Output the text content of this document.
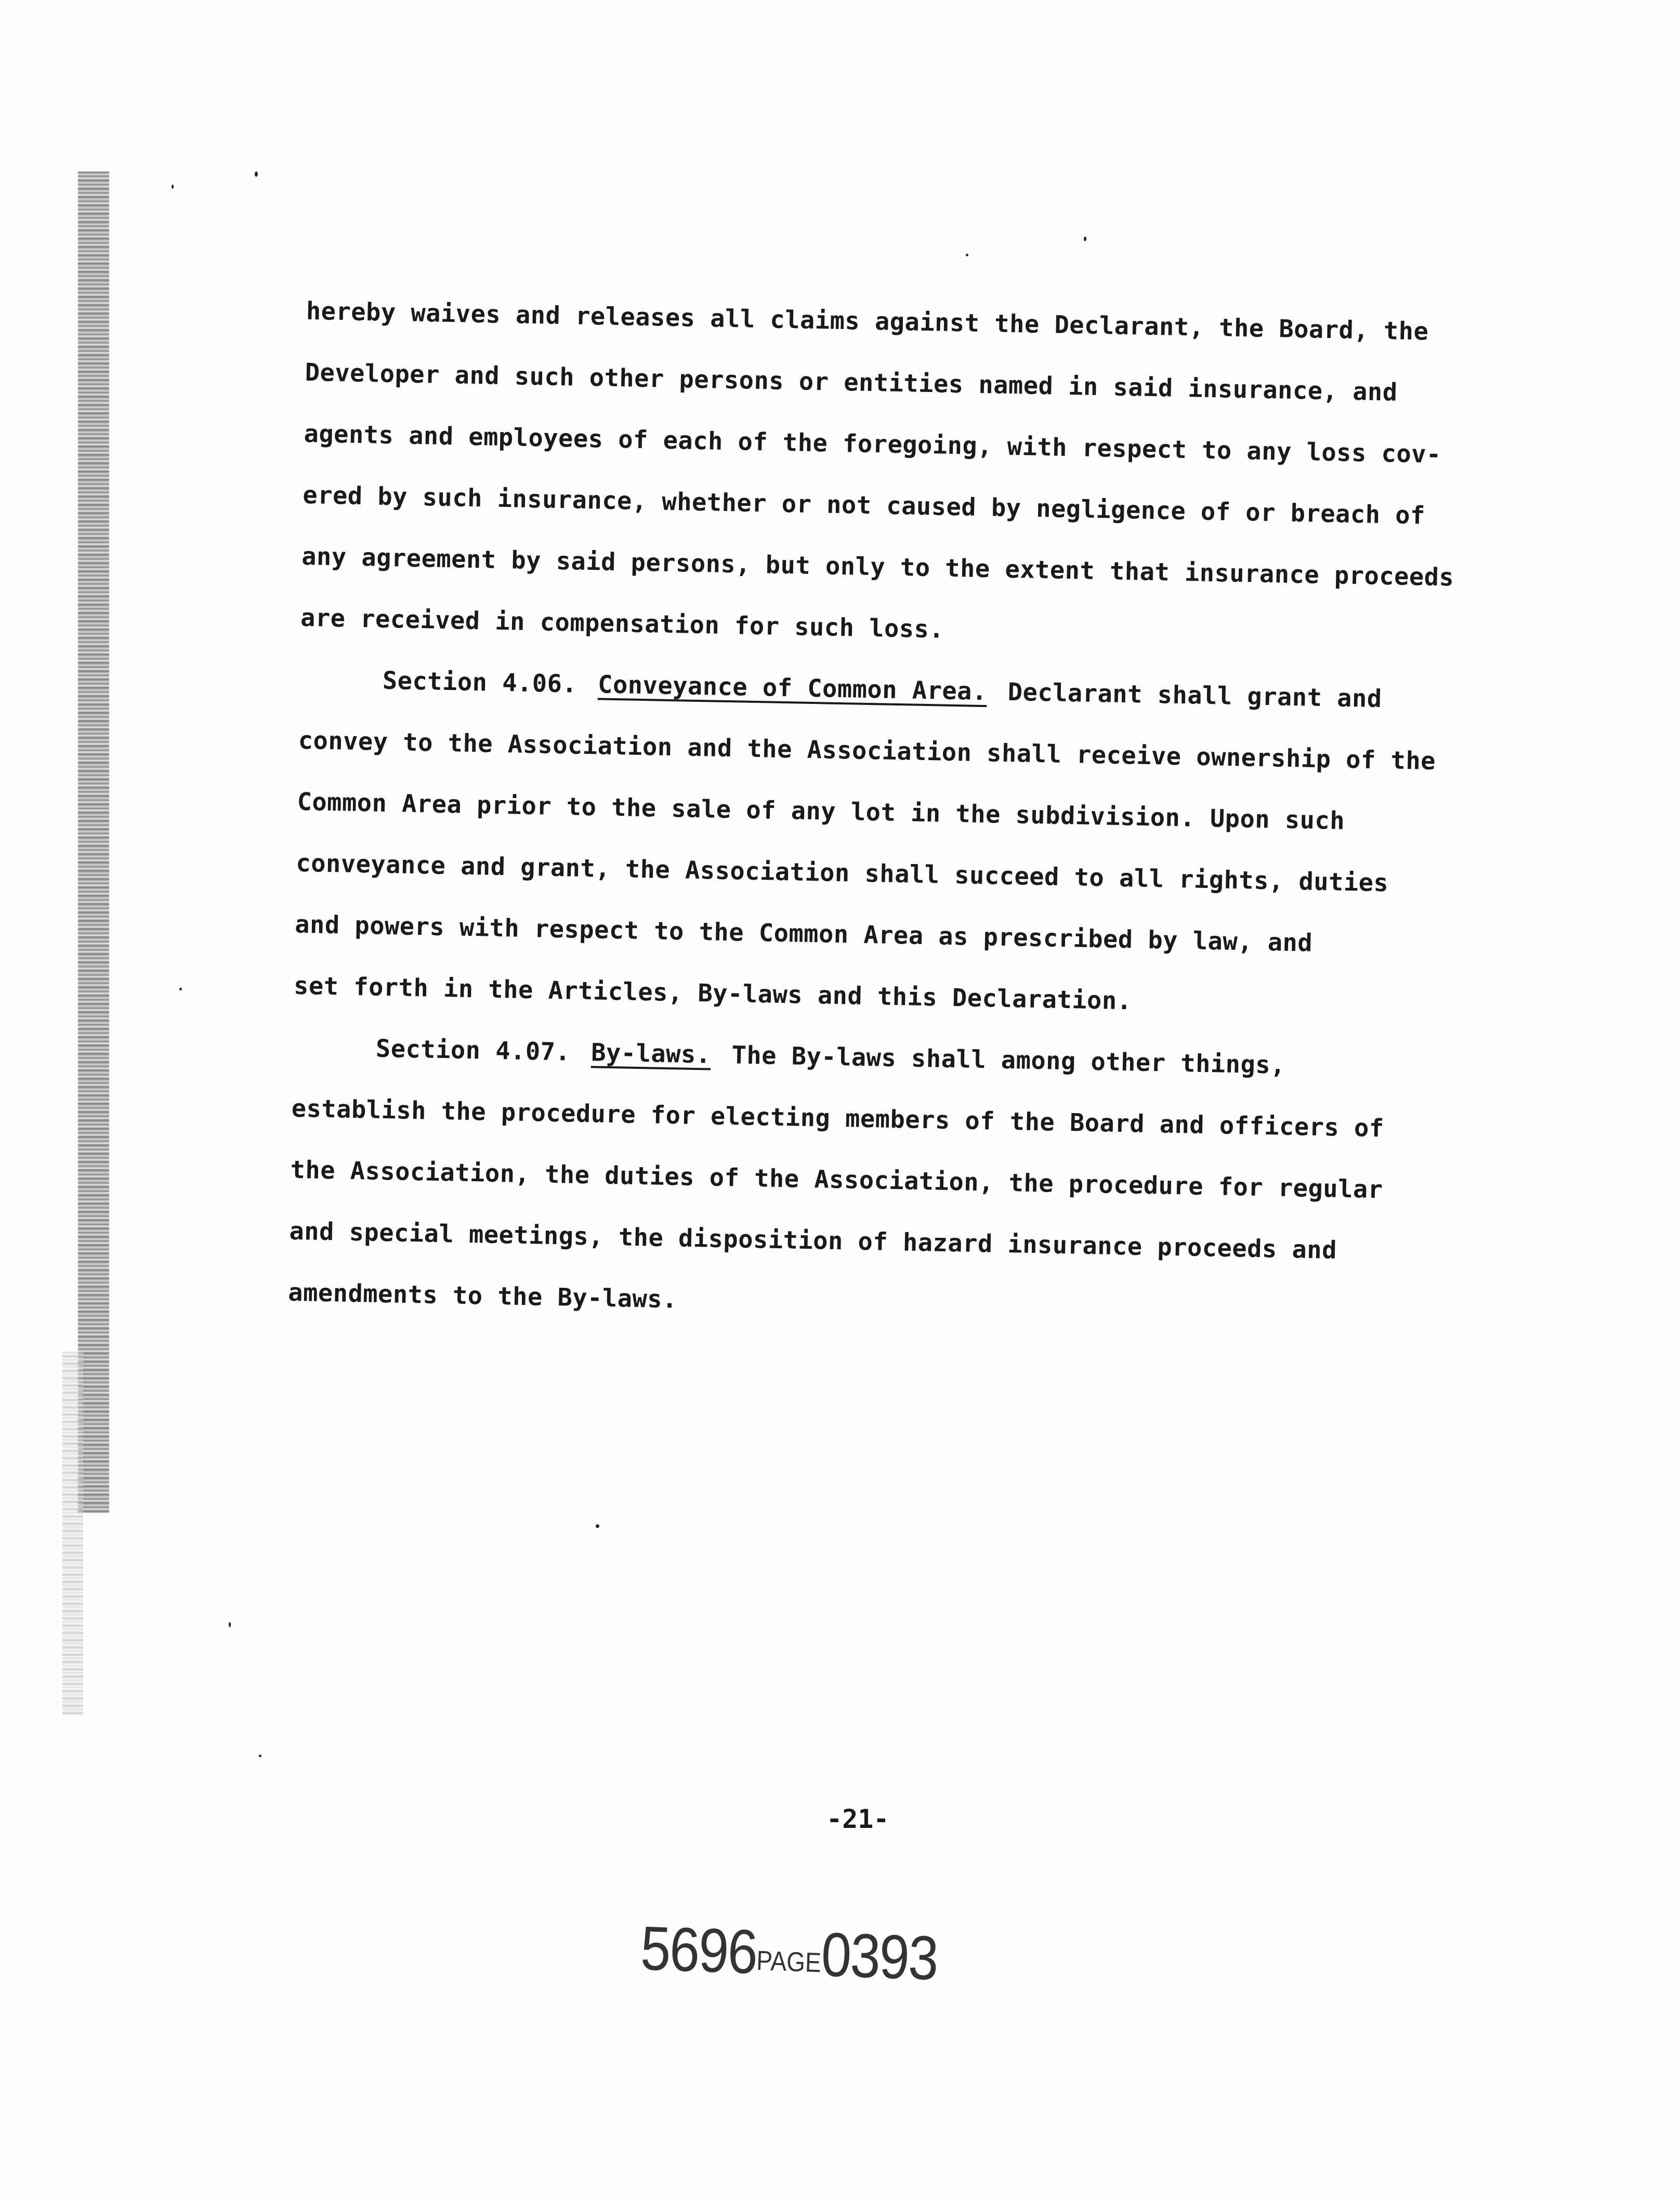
hereby waives and releases all claims against the Declarant, the Board, the
Developer and such other persons or entities named in said insurance, and
agents and employees of each of the foregoing, with respect to any loss cov-
ered by such insurance, whether or not caused by negligence of or breach of
any agreement by said persons, but only to the extent that insurance proceeds
are received in compensation for such loss.
Section 4.06. Conveyance of Common Area. Declarant shall grant and
convey to the Association and the Association shall receive ownership of the
Common Area prior to the sale of any lot in the subdivision. Upon such
conveyance and grant, the Association shall succeed to all rights, duties
and powers with respect to the Common Area as prescribed by law, and
set forth in the Articles, By-laws and this Declaration.
Section 4.07. By-laws. The By-laws shall among other things,
establish the procedure for electing members of the Board and officers of
the Association, the duties of the Association, the procedure for regular
and special meetings, the disposition of hazard insurance proceeds and
amendments to the By-laws.
-21-
5696PAGE0393
